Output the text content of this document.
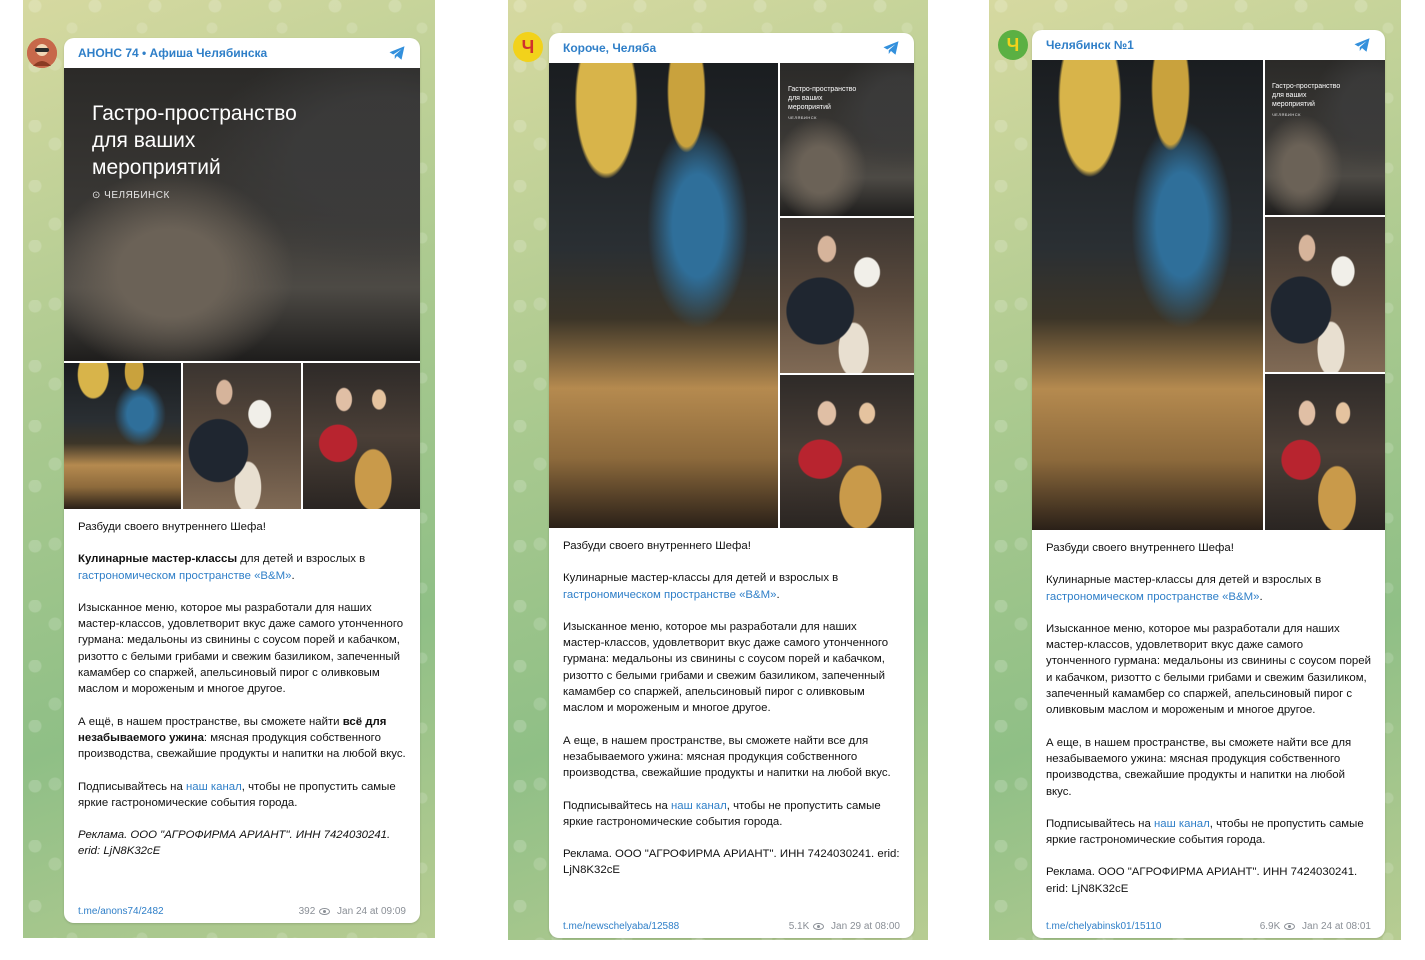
АНОНС 74 • Афиша Челябинска
Гастро-пространство
для ваших
мероприятий
⊙ ЧЕЛЯБИНСК

Разбуди своего внутреннего Шефа!

Кулинарные мастер-классы для детей и взрослых в гастрономическом пространстве «B&M».

Изысканное меню, которое мы разработали для наших мастер-классов, удовлетворит вкус даже самого утонченного гурмана: медальоны из свинины с соусом порей и кабачком, ризотто с белыми грибами и свежим базиликом, запеченный камамбер со спаржей, апельсиновый пирог с оливковым маслом и мороженым и многое другое.

А ещё, в нашем пространстве, вы сможете найти всё для незабываемого ужина: мясная продукция собственного производства, свежайшие продукты и напитки на любой вкус.

Подписывайтесь на наш канал, чтобы не пропустить самые яркие гастрономические события города.

Реклама. ООО "АГРОФИРМА АРИАНТ". ИНН 7424030241. erid: LjN8K32cE

t.me/anons74/2482	392 Jan 24 at 09:09
Ч Короче, Челяба
Гастро-пространство
для ваших
мероприятий
ЧЕЛЯБИНСК

Разбуди своего внутреннего Шефа!

Кулинарные мастер-классы для детей и взрослых в гастрономическом пространстве «B&M».

Изысканное меню, которое мы разработали для наших мастер-классов, удовлетворит вкус даже самого утонченного гурмана: медальоны из свинины с соусом порей и кабачком, ризотто с белыми грибами и свежим базиликом, запеченный камамбер со спаржей, апельсиновый пирог с оливковым маслом и мороженым и многое другое.

А еще, в нашем пространстве, вы сможете найти все для незабываемого ужина: мясная продукция собственного производства, свежайшие продукты и напитки на любой вкус.

Подписывайтесь на наш канал, чтобы не пропустить самые яркие гастрономические события города.

Реклама. ООО "АГРОФИРМА АРИАНТ". ИНН 7424030241. erid: LjN8K32cE

t.me/newschelyaba/12588	5.1K Jan 29 at 08:00
Ч Челябинск №1
Гастро-пространство
для ваших
мероприятий
ЧЕЛЯБИНСК

Разбуди своего внутреннего Шефа!

Кулинарные мастер-классы для детей и взрослых в гастрономическом пространстве «B&M».

Изысканное меню, которое мы разработали для наших мастер-классов, удовлетворит вкус даже самого утонченного гурмана: медальоны из свинины с соусом порей и кабачком, ризотто с белыми грибами и свежим базиликом, запеченный камамбер со спаржей, апельсиновый пирог с оливковым маслом и мороженым и многое другое.

А еще, в нашем пространстве, вы сможете найти все для незабываемого ужина: мясная продукция собственного производства, свежайшие продукты и напитки на любой вкус.

Подписывайтесь на наш канал, чтобы не пропустить самые яркие гастрономические события города.

Реклама. ООО "АГРОФИРМА АРИАНТ". ИНН 7424030241. erid: LjN8K32cE

t.me/chelyabinsk01/15110	6.9K Jan 24 at 08:01
